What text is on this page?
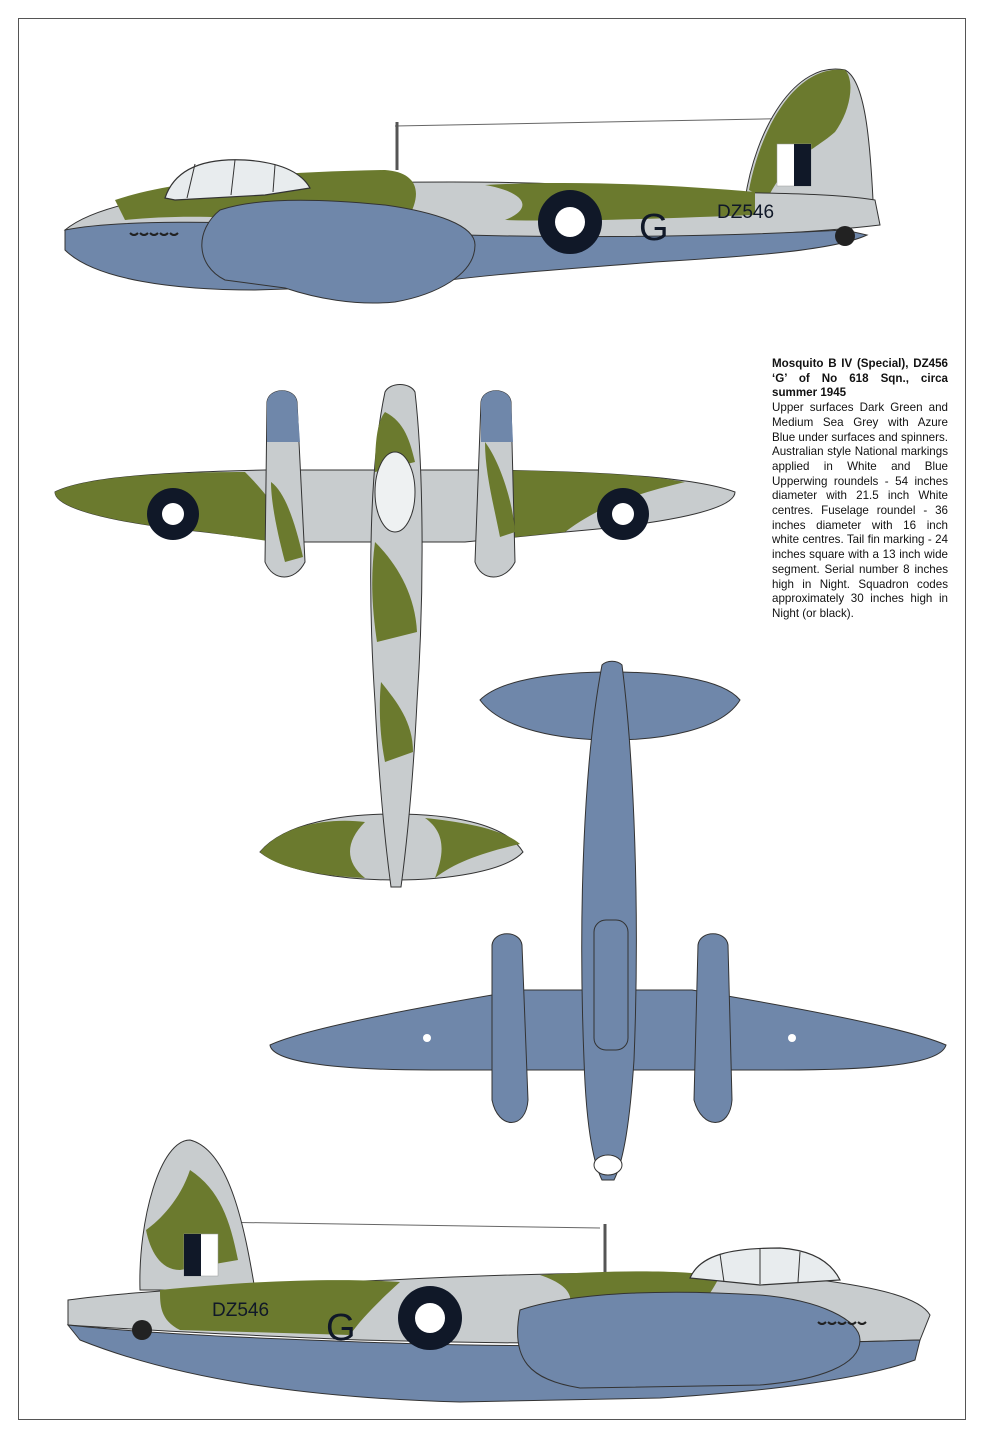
G	DZ546
Mosquito B IV (Special), DZ456 ‘G’ of No 618 Sqn., circa summer 1945
Upper surfaces Dark Green and Medium Sea Grey with Azure Blue under surfaces and spinners. Australian style National markings applied in White and Blue Upperwing roundels - 54 inches diameter with 21.5 inch White centres. Fuselage roundel - 36 inches diameter with 16 inch white centres. Tail fin marking - 24 inches square with a 13 inch wide segment. Serial number 8 inches high in Night. Squadron codes approximately 30 inches high in Night (or black).
G
DZ546
